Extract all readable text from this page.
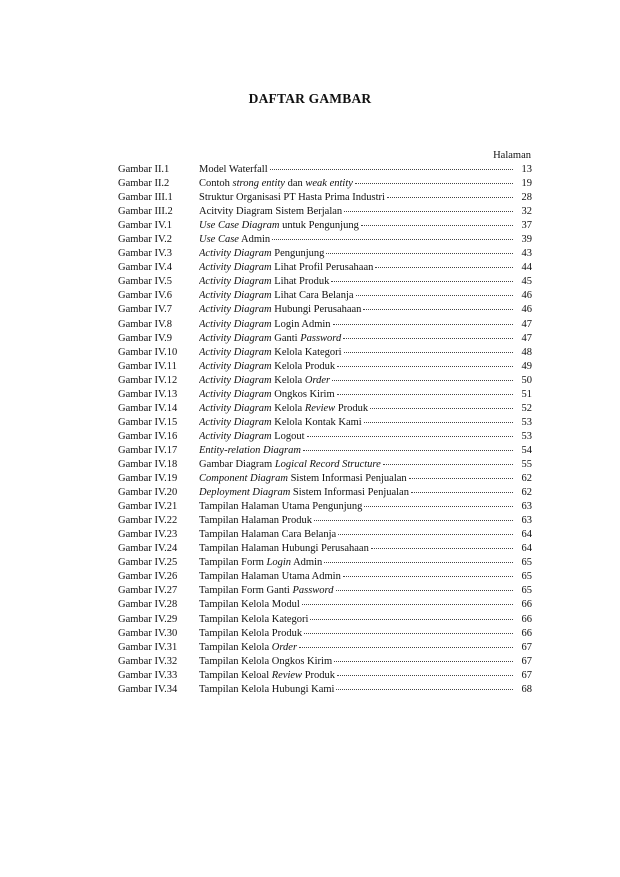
DAFTAR GAMBAR
Halaman
Gambar II.1	Model Waterfall	13
Gambar II.2	Contoh strong entity dan weak entity	19
Gambar III.1	Struktur Organisasi PT Hasta Prima Industri	28
Gambar III.2	Acitvity Diagram Sistem Berjalan	32
Gambar IV.1	Use Case Diagram untuk Pengunjung	37
Gambar IV.2	Use Case Admin	39
Gambar IV.3	Activity Diagram Pengunjung	43
Gambar IV.4	Activity Diagram Lihat Profil Perusahaan	44
Gambar IV.5	Activity Diagram Lihat Produk	45
Gambar IV.6	Activity Diagram Lihat Cara Belanja	46
Gambar IV.7	Activity Diagram Hubungi Perusahaan	46
Gambar IV.8	Activity Diagram Login Admin	47
Gambar IV.9	Activity Diagram Ganti Password	47
Gambar IV.10	Activity Diagram Kelola Kategori	48
Gambar IV.11	Activity Diagram Kelola Produk	49
Gambar IV.12	Activity Diagram Kelola Order	50
Gambar IV.13	Activity Diagram Ongkos Kirim	51
Gambar IV.14	Activity Diagram Kelola Review Produk	52
Gambar IV.15	Activity Diagram Kelola Kontak Kami	53
Gambar IV.16	Activity Diagram Logout	53
Gambar IV.17	Entity-relation Diagram	54
Gambar IV.18	Gambar Diagram Logical Record Structure	55
Gambar IV.19	Component Diagram Sistem Informasi Penjualan	62
Gambar IV.20	Deployment Diagram Sistem Informasi Penjualan	62
Gambar IV.21	Tampilan Halaman Utama Pengunjung	63
Gambar IV.22	Tampilan Halaman Produk	63
Gambar IV.23	Tampilan Halaman Cara Belanja	64
Gambar IV.24	Tampilan Halaman Hubungi Perusahaan	64
Gambar IV.25	Tampilan Form Login Admin	65
Gambar IV.26	Tampilan Halaman Utama Admin	65
Gambar IV.27	Tampilan Form Ganti Password	65
Gambar IV.28	Tampilan Kelola Modul	66
Gambar IV.29	Tampilan Kelola Kategori	66
Gambar IV.30	Tampilan Kelola Produk	66
Gambar IV.31	Tampilan Kelola Order	67
Gambar IV.32	Tampilan Kelola Ongkos Kirim	67
Gambar IV.33	Tampilan Keloal Review Produk	67
Gambar IV.34	Tampilan Kelola Hubungi Kami	68
